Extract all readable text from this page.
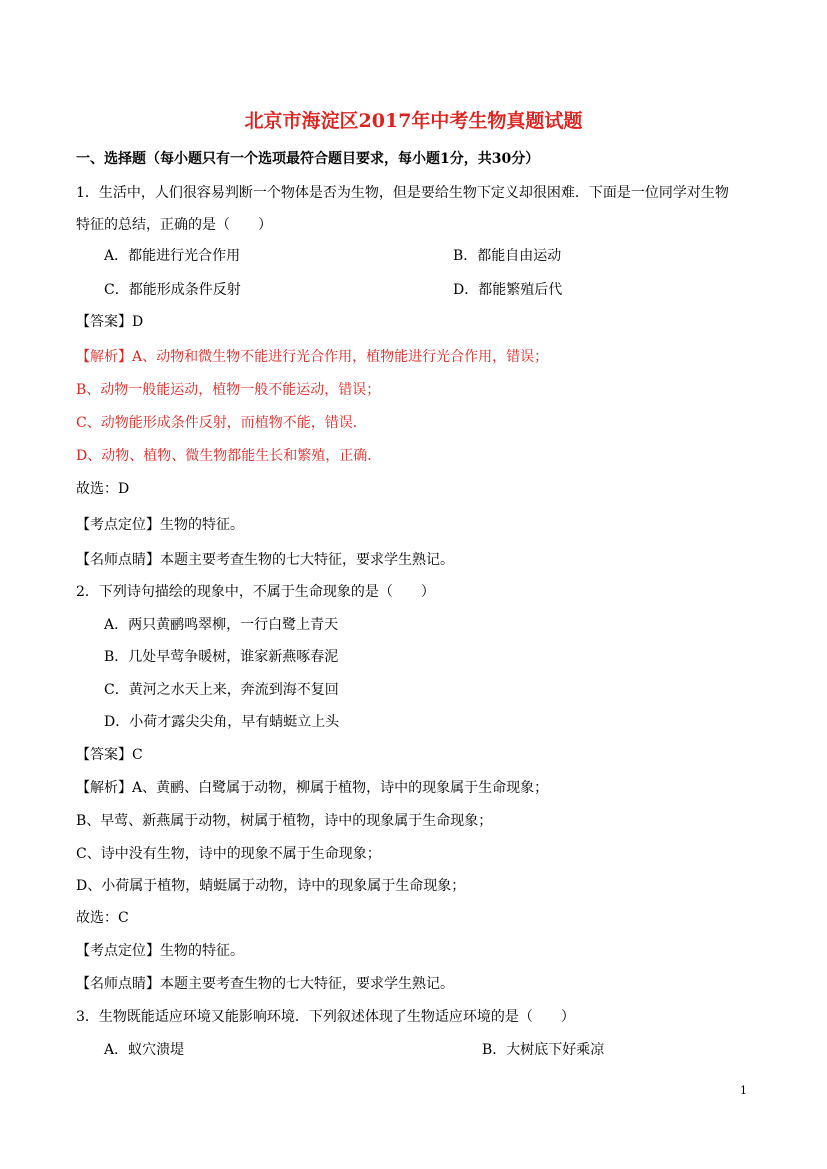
北京市海淀区2017年中考生物真题试题
一、选择题（每小题只有一个选项最符合题目要求，每小题1分，共30分）
1．生活中，人们很容易判断一个物体是否为生物，但是要给生物下定义却很困难．下面是一位同学对生物
特征的总结，正确的是（　　）
A．都能进行光合作用	B．都能自由运动
C．都能形成条件反射	D．都能繁殖后代
【答案】D
【解析】A、动物和微生物不能进行光合作用，植物能进行光合作用，错误；
B、动物一般能运动，植物一般不能运动，错误；
C、动物能形成条件反射，而植物不能，错误．
D、动物、植物、微生物都能生长和繁殖，正确．
故选：D
【考点定位】生物的特征。
【名师点睛】本题主要考查生物的七大特征，要求学生熟记。
2．下列诗句描绘的现象中，不属于生命现象的是（　　）
A．两只黄鹂鸣翠柳，一行白鹭上青天
B．几处早莺争暖树，谁家新燕啄春泥
C．黄河之水天上来，奔流到海不复回
D．小荷才露尖尖角，早有蜻蜓立上头
【答案】C
【解析】A、黄鹂、白鹭属于动物，柳属于植物，诗中的现象属于生命现象；
B、早莺、新燕属于动物，树属于植物，诗中的现象属于生命现象；
C、诗中没有生物，诗中的现象不属于生命现象；
D、小荷属于植物，蜻蜓属于动物，诗中的现象属于生命现象；
故选：C
【考点定位】生物的特征。
【名师点睛】本题主要考查生物的七大特征，要求学生熟记。
3．生物既能适应环境又能影响环境．下列叙述体现了生物适应环境的是（　　）
A．蚁穴溃堤	B．大树底下好乘凉
1
